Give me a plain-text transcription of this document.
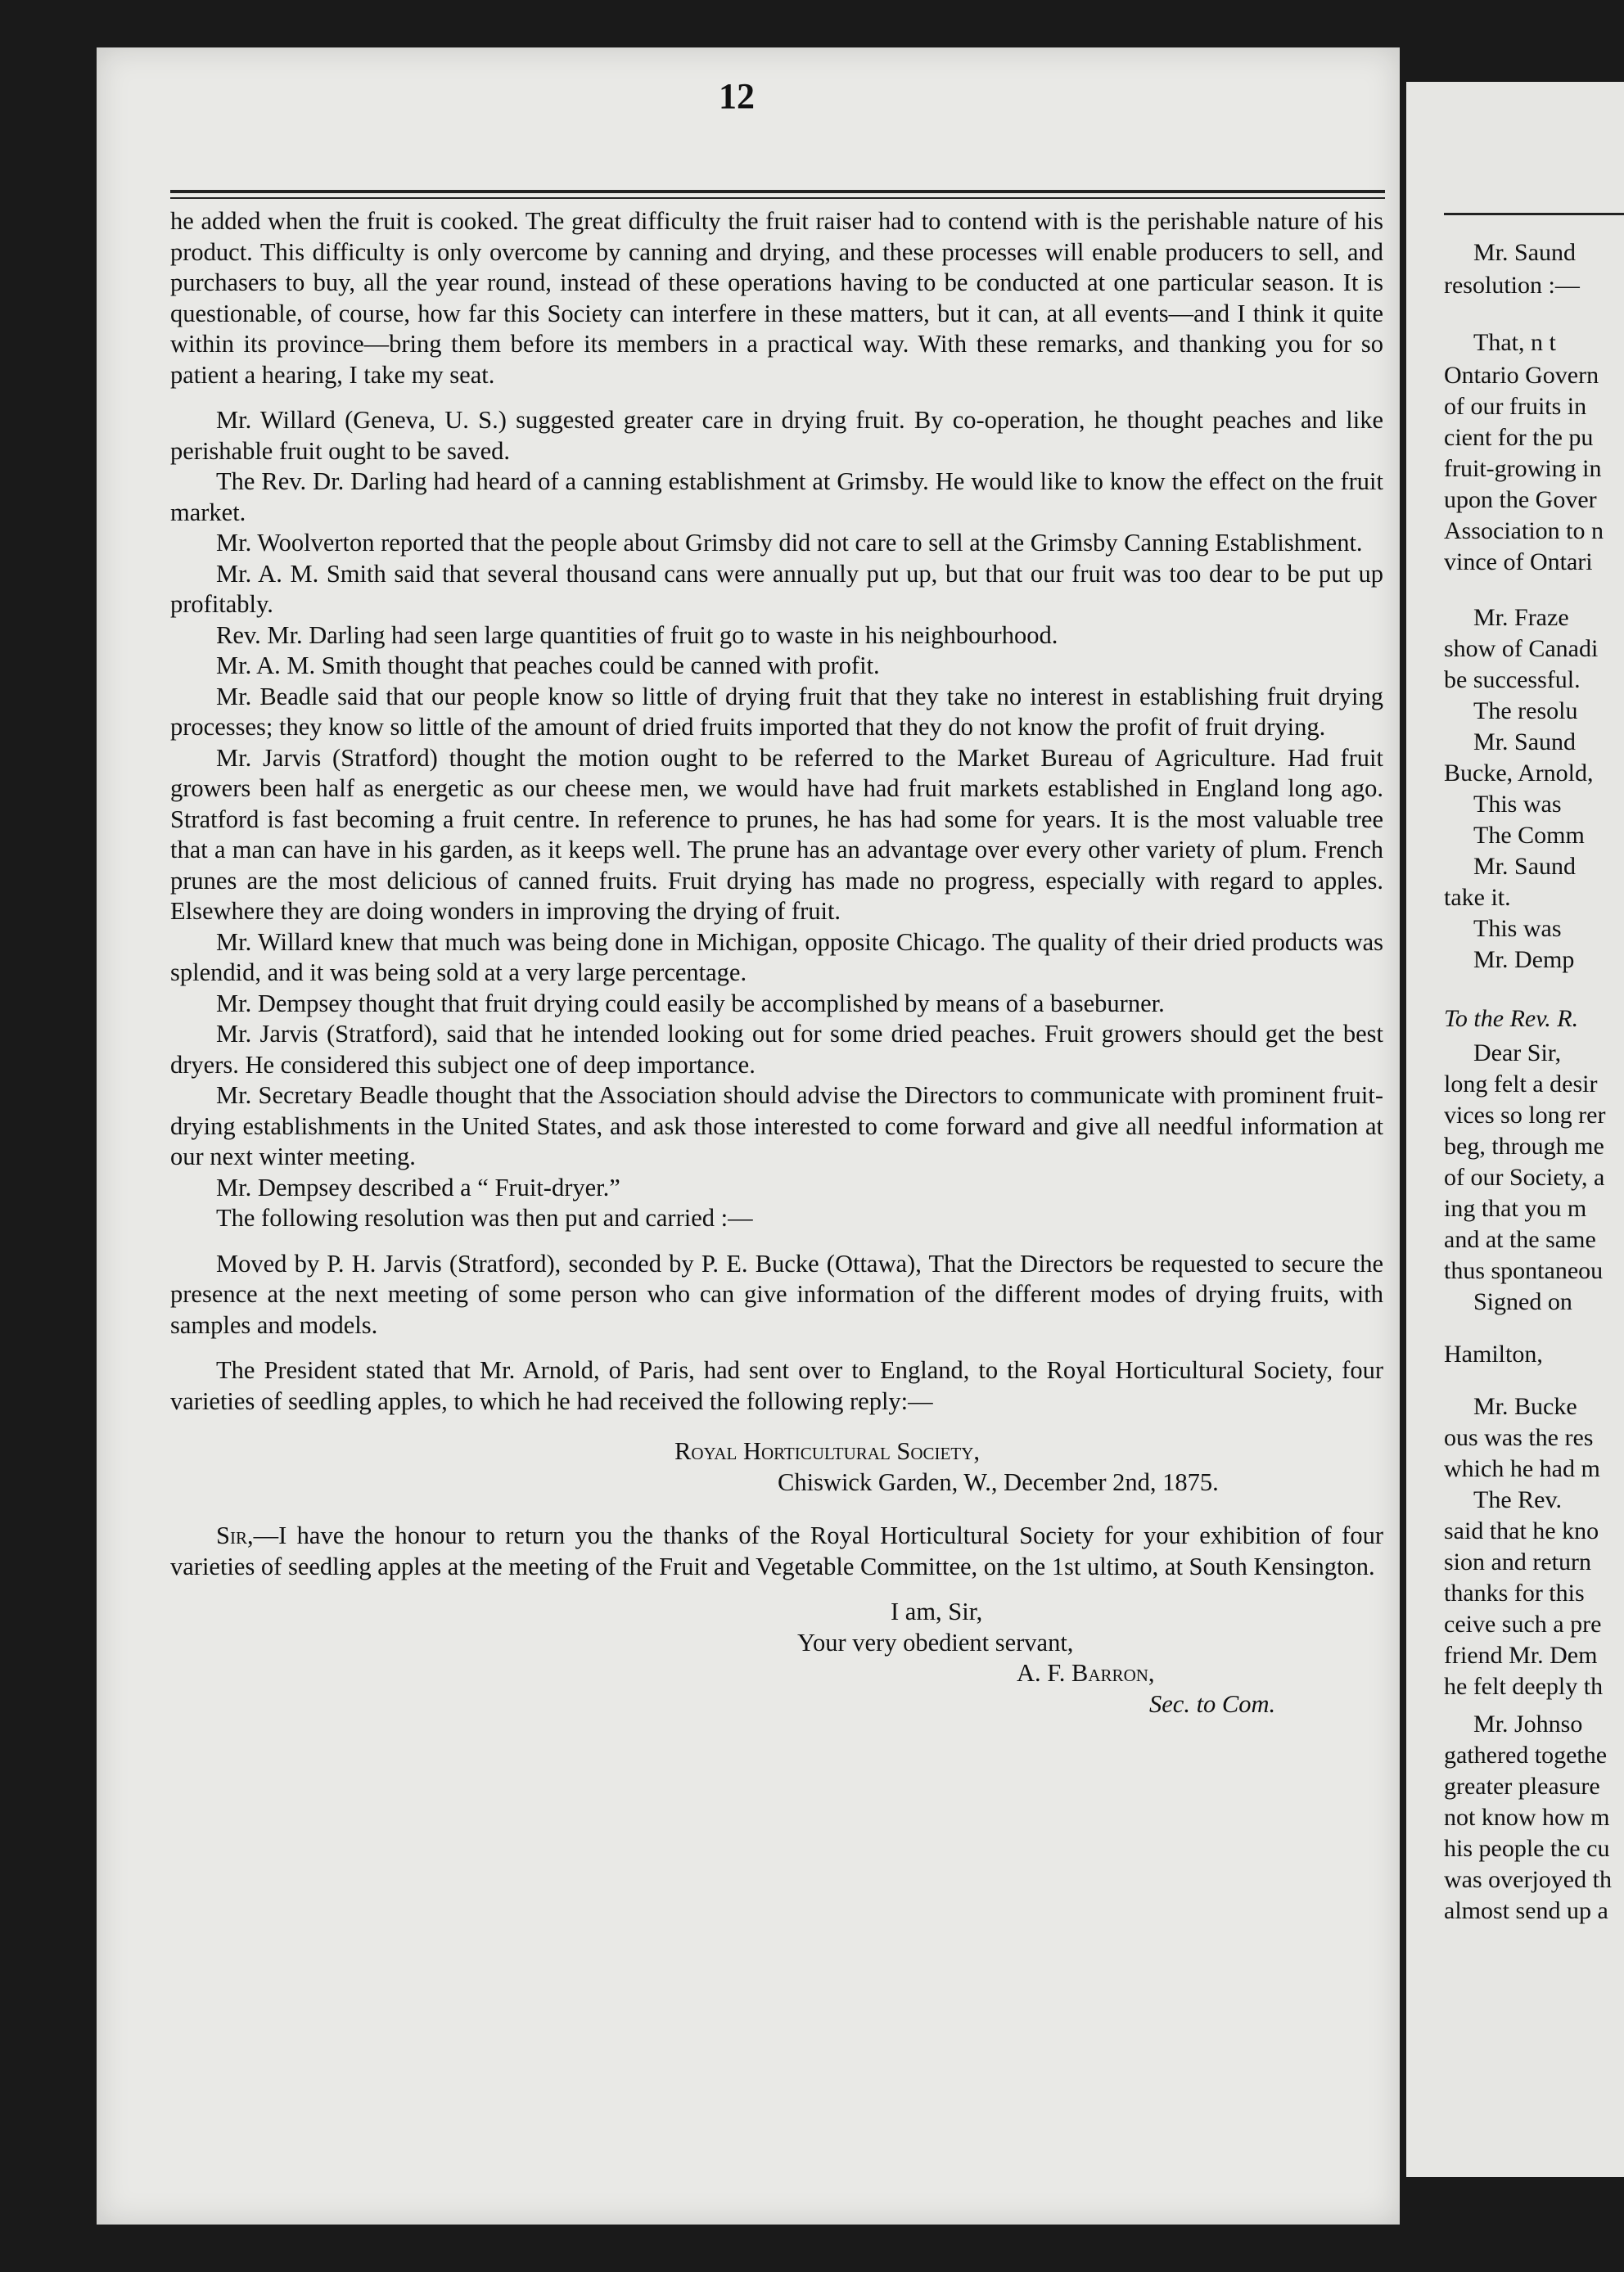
12

he added when the fruit is cooked. The great difficulty the fruit raiser had to contend with is the perishable nature of his product. This difficulty is only overcome by canning and drying, and these processes will enable producers to sell, and purchasers to buy, all the year round, instead of these operations having to be conducted at one particular season. It is questionable, of course, how far this Society can interfere in these matters, but it can, at all events—and I think it quite within its province—bring them before its members in a practical way. With these remarks, and thanking you for so patient a hearing, I take my seat.

Mr. Willard (Geneva, U. S.) suggested greater care in drying fruit. By co-operation, he thought peaches and like perishable fruit ought to be saved.

The Rev. Dr. Darling had heard of a canning establishment at Grimsby. He would like to know the effect on the fruit market.

Mr. Woolverton reported that the people about Grimsby did not care to sell at the Grimsby Canning Establishment.

Mr. A. M. Smith said that several thousand cans were annually put up, but that our fruit was too dear to be put up profitably.

Rev. Mr. Darling had seen large quantities of fruit go to waste in his neighbourhood.

Mr. A. M. Smith thought that peaches could be canned with profit.

Mr. Beadle said that our people know so little of drying fruit that they take no interest in establishing fruit drying processes; they know so little of the amount of dried fruits imported that they do not know the profit of fruit drying.

Mr. Jarvis (Stratford) thought the motion ought to be referred to the Market Bureau of Agriculture. Had fruit growers been half as energetic as our cheese men, we would have had fruit markets established in England long ago. Stratford is fast becoming a fruit centre. In reference to prunes, he has had some for years. It is the most valuable tree that a man can have in his garden, as it keeps well. The prune has an advantage over every other variety of plum. French prunes are the most delicious of canned fruits. Fruit drying has made no progress, especially with regard to apples. Elsewhere they are doing wonders in improving the drying of fruit.

Mr. Willard knew that much was being done in Michigan, opposite Chicago. The quality of their dried products was splendid, and it was being sold at a very large percentage.

Mr. Dempsey thought that fruit drying could easily be accomplished by means of a baseburner.

Mr. Jarvis (Stratford), said that he intended looking out for some dried peaches. Fruit growers should get the best dryers. He considered this subject one of deep importance.

Mr. Secretary Beadle thought that the Association should advise the Directors to communicate with prominent fruit-drying establishments in the United States, and ask those interested to come forward and give all needful information at our next winter meeting.

Mr. Dempsey described a “ Fruit-dryer.”

The following resolution was then put and carried :—

Moved by P. H. Jarvis (Stratford), seconded by P. E. Bucke (Ottawa), That the Directors be requested to secure the presence at the next meeting of some person who can give information of the different modes of drying fruits, with samples and models.

The President stated that Mr. Arnold, of Paris, had sent over to England, to the Royal Horticultural Society, four varieties of seedling apples, to which he had received the following reply:—

Royal Horticultural Society,
Chiswick Garden, W., December 2nd, 1875.

Sir,—I have the honour to return you the thanks of the Royal Horticultural Society for your exhibition of four varieties of seedling apples at the meeting of the Fruit and Vegetable Committee, on the 1st ultimo, at South Kensington.

I am, Sir,
Your very obedient servant,
A. F. Barron,
Sec. to Com.

Mr. Saund

resolution :—

That, n t

Ontario Govern

of our fruits in

cient for the pu

fruit-growing in

upon the Gover

Association to n

vince of Ontari

Mr. Fraze

show of Canadi

be successful.

The resolu

Mr. Saund

Bucke, Arnold,

This was

The Comm

Mr. Saund

take it.

This was

Mr. Demp

To the Rev. R.

Dear Sir,

long felt a desir

vices so long rer

beg, through me

of our Society, a

ing that you m

and at the same

thus spontaneou

Signed on

Hamilton,

Mr. Bucke

ous was the res

which he had m

The Rev.

said that he kno

sion and return

thanks for this

ceive such a pre

friend Mr. Dem

he felt deeply th

Mr. Johnso

gathered togethe

greater pleasure

not know how m

his people the cu

was overjoyed th

almost send up a
